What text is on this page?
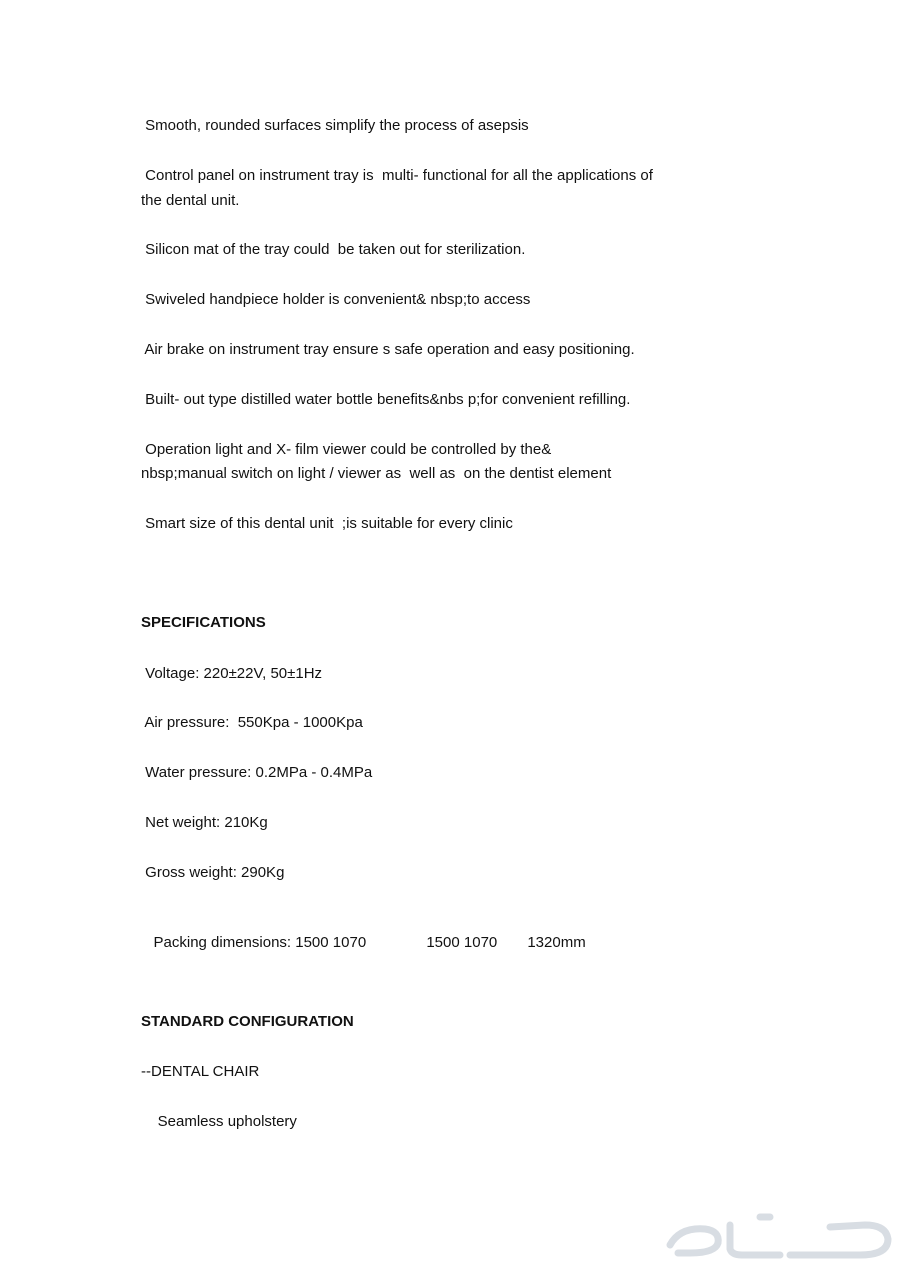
Smooth, rounded surfaces simplify the process of asepsis
Control panel on instrument tray is  multi- functional for all the applications of
the dental unit.
Silicon mat of the tray could  be taken out for sterilization.
Swiveled handpiece holder is convenient& nbsp;to access
Air brake on instrument tray ensure s safe operation and easy positioning.
Built- out type distilled water bottle benefits&nbs p;for convenient refilling.
Operation light and X- film viewer could be controlled by the&
nbsp;manual switch on light / viewer as  well as  on the dentist element
Smart size of this dental unit  ;is suitable for every clinic
SPECIFICATIONS
Voltage: 220±22V, 50±1Hz
Air pressure:  550Kpa - 1000Kpa
Water pressure: 0.2MPa - 0.4MPa
Net weight: 210Kg
Gross weight: 290Kg

Packing dimensions: 1500 1070	1500 1070 1320mm

STANDARD CONFIGURATION
--DENTAL CHAIR
Seamless upholstery
